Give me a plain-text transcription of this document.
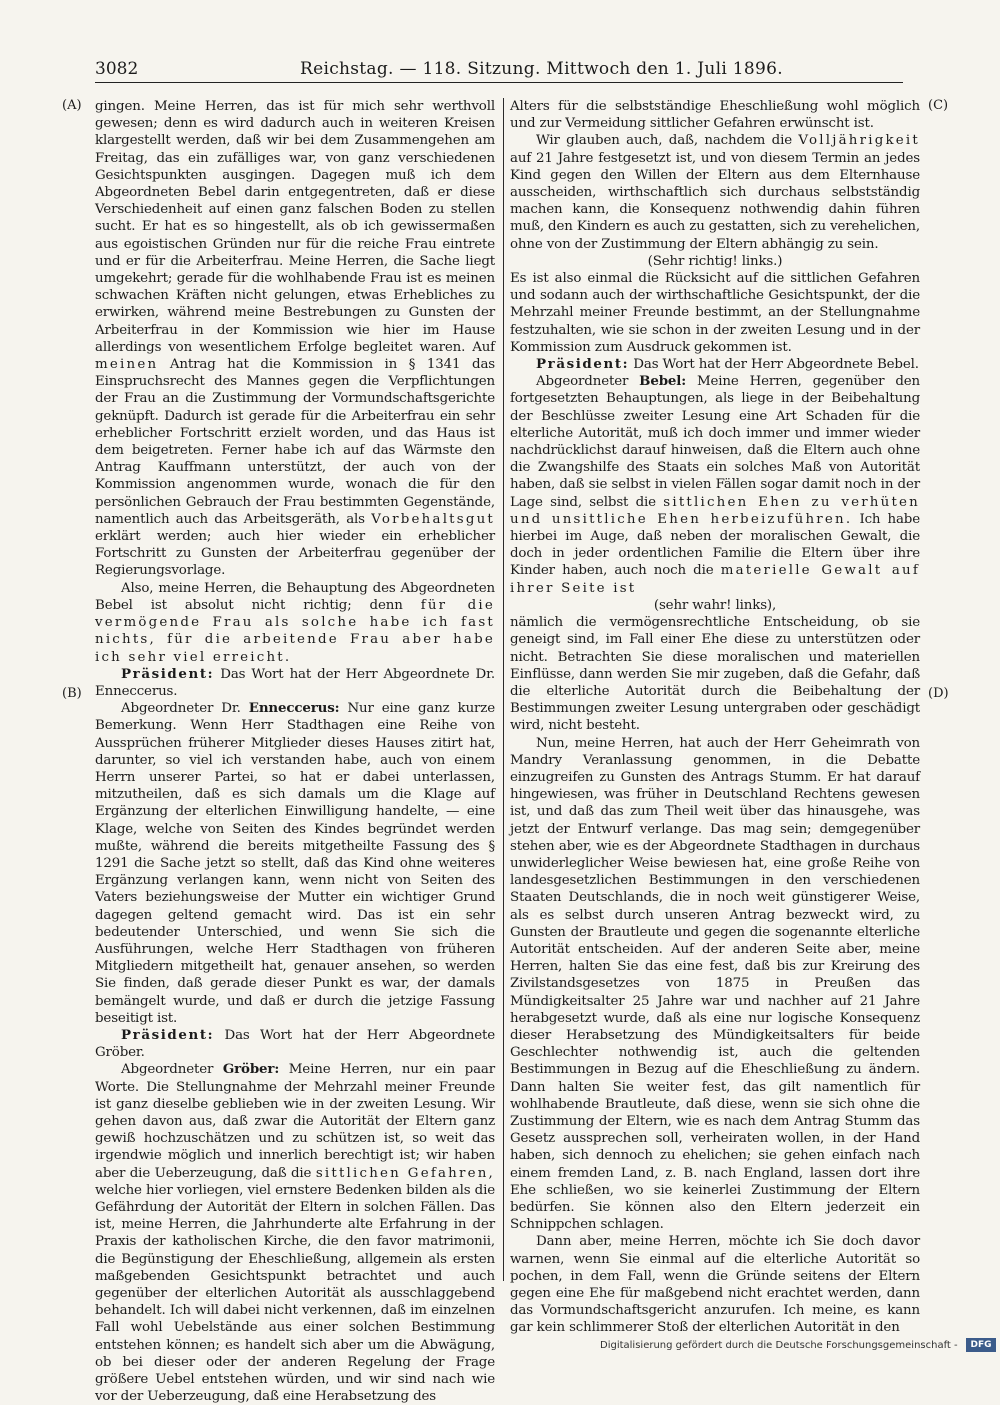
3082	Reichstag. — 118. Sitzung. Mittwoch den 1. Juli 1896.
(A)
(B)
(C)
(D)

gingen. Meine Herren, das ist für mich sehr werthvoll gewesen; denn es wird dadurch auch in weiteren Kreisen klargestellt werden, daß wir bei dem Zusammengehen am Freitag, das ein zufälliges war, von ganz verschiedenen Gesichtspunkten ausgingen. Dagegen muß ich dem Abgeordneten Bebel darin entgegentreten, daß er diese Verschiedenheit auf einen ganz falschen Boden zu stellen sucht. Er hat es so hingestellt, als ob ich gewissermaßen aus egoistischen Gründen nur für die reiche Frau eintrete und er für die Arbeiterfrau. Meine Herren, die Sache liegt umgekehrt; gerade für die wohlhabende Frau ist es meinen schwachen Kräften nicht gelungen, etwas Erhebliches zu erwirken, während meine Bestrebungen zu Gunsten der Arbeiterfrau in der Kommission wie hier im Hause allerdings von wesentlichem Erfolge begleitet waren. Auf meinen Antrag hat die Kommission in § 1341 das Einspruchsrecht des Mannes gegen die Verpflichtungen der Frau an die Zustimmung der Vormundschaftsgerichte geknüpft. Dadurch ist gerade für die Arbeiterfrau ein sehr erheblicher Fortschritt erzielt worden, und das Haus ist dem beigetreten. Ferner habe ich auf das Wärmste den Antrag Kauffmann unterstützt, der auch von der Kommission angenommen wurde, wonach die für den persönlichen Gebrauch der Frau bestimmten Gegenstände, namentlich auch das Arbeitsgeräth, als Vorbehaltsgut erklärt werden; auch hier wieder ein erheblicher Fortschritt zu Gunsten der Arbeiterfrau gegenüber der Regierungsvorlage.

Also, meine Herren, die Behauptung des Abgeordneten Bebel ist absolut nicht richtig; denn für die vermögende Frau als solche habe ich fast nichts, für die arbeitende Frau aber habe ich sehr viel erreicht.

Präsident: Das Wort hat der Herr Abgeordnete Dr. Enneccerus.

Abgeordneter Dr. Enneccerus: Nur eine ganz kurze Bemerkung. Wenn Herr Stadthagen eine Reihe von Aussprüchen früherer Mitglieder dieses Hauses zitirt hat, darunter, so viel ich verstanden habe, auch von einem Herrn unserer Partei, so hat er dabei unterlassen, mitzutheilen, daß es sich damals um die Klage auf Ergänzung der elterlichen Einwilligung handelte, — eine Klage, welche von Seiten des Kindes begründet werden mußte, während die bereits mitgetheilte Fassung des § 1291 die Sache jetzt so stellt, daß das Kind ohne weiteres Ergänzung verlangen kann, wenn nicht von Seiten des Vaters beziehungsweise der Mutter ein wichtiger Grund dagegen geltend gemacht wird. Das ist ein sehr bedeutender Unterschied, und wenn Sie sich die Ausführungen, welche Herr Stadthagen von früheren Mitgliedern mitgetheilt hat, genauer ansehen, so werden Sie finden, daß gerade dieser Punkt es war, der damals bemängelt wurde, und daß er durch die jetzige Fassung beseitigt ist.

Präsident: Das Wort hat der Herr Abgeordnete Gröber.

Abgeordneter Gröber: Meine Herren, nur ein paar Worte. Die Stellungnahme der Mehrzahl meiner Freunde ist ganz dieselbe geblieben wie in der zweiten Lesung. Wir gehen davon aus, daß zwar die Autorität der Eltern ganz gewiß hochzuschätzen und zu schützen ist, so weit das irgendwie möglich und innerlich berechtigt ist; wir haben aber die Ueberzeugung, daß die sittlichen Gefahren, welche hier vorliegen, viel ernstere Bedenken bilden als die Gefährdung der Autorität der Eltern in solchen Fällen. Das ist, meine Herren, die Jahrhunderte alte Erfahrung in der Praxis der katholischen Kirche, die den favor matrimonii, die Begünstigung der Eheschließung, allgemein als ersten maßgebenden Gesichtspunkt betrachtet und auch gegenüber der elterlichen Autorität als ausschlaggebend behandelt. Ich will dabei nicht verkennen, daß im einzelnen Fall wohl Uebelstände aus einer solchen Bestimmung entstehen können; es handelt sich aber um die Abwägung, ob bei dieser oder der anderen Regelung der Frage größere Uebel entstehen würden, und wir sind nach wie vor der Ueberzeugung, daß eine Herabsetzung des

Alters für die selbstständige Eheschließung wohl möglich und zur Vermeidung sittlicher Gefahren erwünscht ist.

Wir glauben auch, daß, nachdem die Volljährigkeit auf 21 Jahre festgesetzt ist, und von diesem Termin an jedes Kind gegen den Willen der Eltern aus dem Elternhause ausscheiden, wirthschaftlich sich durchaus selbstständig machen kann, die Konsequenz nothwendig dahin führen muß, den Kindern es auch zu gestatten, sich zu verehelichen, ohne von der Zustimmung der Eltern abhängig zu sein.

(Sehr richtig! links.)

Es ist also einmal die Rücksicht auf die sittlichen Gefahren und sodann auch der wirthschaftliche Gesichtspunkt, der die Mehrzahl meiner Freunde bestimmt, an der Stellungnahme festzuhalten, wie sie schon in der zweiten Lesung und in der Kommission zum Ausdruck gekommen ist.

Präsident: Das Wort hat der Herr Abgeordnete Bebel.

Abgeordneter Bebel: Meine Herren, gegenüber den fortgesetzten Behauptungen, als liege in der Beibehaltung der Beschlüsse zweiter Lesung eine Art Schaden für die elterliche Autorität, muß ich doch immer und immer wieder nachdrücklichst darauf hinweisen, daß die Eltern auch ohne die Zwangshilfe des Staats ein solches Maß von Autorität haben, daß sie selbst in vielen Fällen sogar damit noch in der Lage sind, selbst die sittlichen Ehen zu verhüten und unsittliche Ehen herbeizuführen. Ich habe hierbei im Auge, daß neben der moralischen Gewalt, die doch in jeder ordentlichen Familie die Eltern über ihre Kinder haben, auch noch die materielle Gewalt auf ihrer Seite ist

(sehr wahr! links),

nämlich die vermögensrechtliche Entscheidung, ob sie geneigt sind, im Fall einer Ehe diese zu unterstützen oder nicht. Betrachten Sie diese moralischen und materiellen Einflüsse, dann werden Sie mir zugeben, daß die Gefahr, daß die elterliche Autorität durch die Beibehaltung der Bestimmungen zweiter Lesung untergraben oder geschädigt wird, nicht besteht.

Nun, meine Herren, hat auch der Herr Geheimrath von Mandry Veranlassung genommen, in die Debatte einzugreifen zu Gunsten des Antrags Stumm. Er hat darauf hingewiesen, was früher in Deutschland Rechtens gewesen ist, und daß das zum Theil weit über das hinausgehe, was jetzt der Entwurf verlange. Das mag sein; demgegenüber stehen aber, wie es der Abgeordnete Stadthagen in durchaus unwiderleglicher Weise bewiesen hat, eine große Reihe von landesgesetzlichen Bestimmungen in den verschiedenen Staaten Deutschlands, die in noch weit günstigerer Weise, als es selbst durch unseren Antrag bezweckt wird, zu Gunsten der Brautleute und gegen die sogenannte elterliche Autorität entscheiden. Auf der anderen Seite aber, meine Herren, halten Sie das eine fest, daß bis zur Kreirung des Zivilstandsgesetzes von 1875 in Preußen das Mündigkeitsalter 25 Jahre war und nachher auf 21 Jahre herabgesetzt wurde, daß als eine nur logische Konsequenz dieser Herabsetzung des Mündigkeitsalters für beide Geschlechter nothwendig ist, auch die geltenden Bestimmungen in Bezug auf die Eheschließung zu ändern. Dann halten Sie weiter fest, das gilt namentlich für wohlhabende Brautleute, daß diese, wenn sie sich ohne die Zustimmung der Eltern, wie es nach dem Antrag Stumm das Gesetz aussprechen soll, verheiraten wollen, in der Hand haben, sich dennoch zu ehelichen; sie gehen einfach nach einem fremden Land, z. B. nach England, lassen dort ihre Ehe schließen, wo sie keinerlei Zustimmung der Eltern bedürfen. Sie können also den Eltern jederzeit ein Schnippchen schlagen.

Dann aber, meine Herren, möchte ich Sie doch davor warnen, wenn Sie einmal auf die elterliche Autorität so pochen, in dem Fall, wenn die Gründe seitens der Eltern gegen eine Ehe für maßgebend nicht erachtet werden, dann das Vormundschaftsgericht anzurufen. Ich meine, es kann gar kein schlimmerer Stoß der elterlichen Autorität in den

Digitalisierung gefördert durch die Deutsche Forschungsgemeinschaft -	DFG
